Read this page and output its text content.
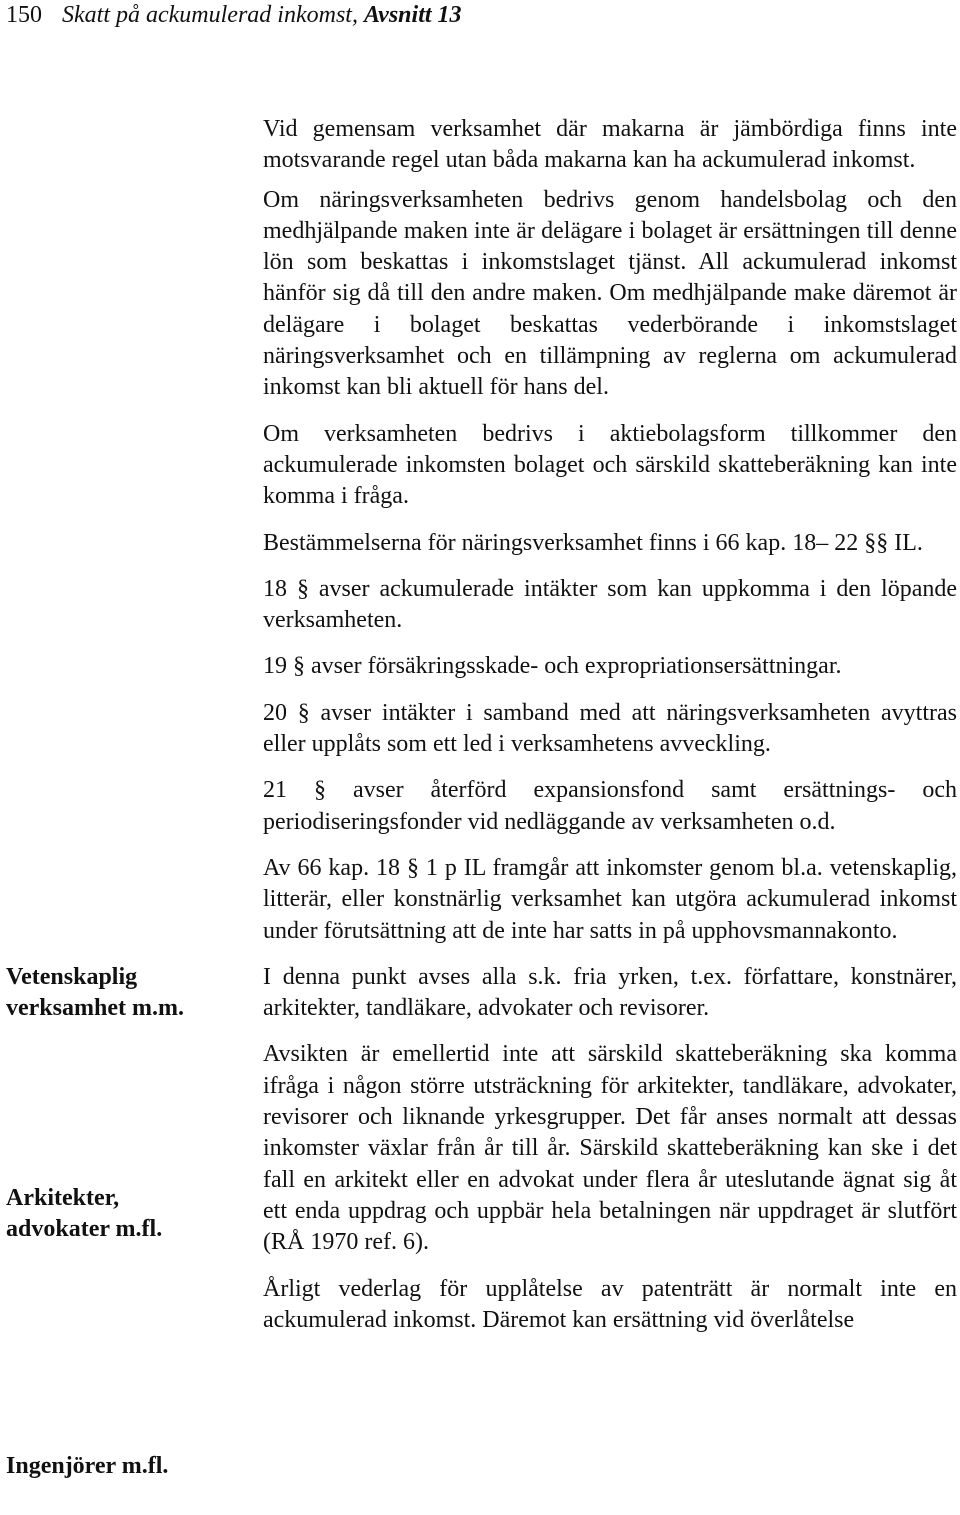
150 Skatt på ackumulerad inkomst, Avsnitt 13
Vetenskaplig verksamhet m.m.
Arkitekter, advokater m.fl.
Ingenjörer m.fl.

Vid gemensam verksamhet där makarna är jämbördiga finns inte motsvarande regel utan båda makarna kan ha ackumulerad inkomst.

Om näringsverksamheten bedrivs genom handelsbolag och den medhjälpande maken inte är delägare i bolaget är ersättningen till denne lön som beskattas i inkomstslaget tjänst. All ackumulerad inkomst hänför sig då till den andre maken. Om medhjälpande make däremot är delägare i bolaget beskattas vederbörande i inkomstslaget näringsverksamhet och en tillämpning av reglerna om ackumulerad inkomst kan bli aktuell för hans del.

Om verksamheten bedrivs i aktiebolagsform tillkommer den ackumulerade inkomsten bolaget och särskild skatteberäkning kan inte komma i fråga.

Bestämmelserna för näringsverksamhet finns i 66 kap. 18– 22 §§ IL.

18 § avser ackumulerade intäkter som kan uppkomma i den löpande verksamheten.

19 § avser försäkringsskade- och expropriationsersättningar.

20 § avser intäkter i samband med att näringsverksamheten avyttras eller upplåts som ett led i verksamhetens avveckling.

21 § avser återförd expansionsfond samt ersättnings- och periodiseringsfonder vid nedläggande av verksamheten o.d.

Av 66 kap. 18 § 1 p IL framgår att inkomster genom bl.a. vetenskaplig, litterär, eller konstnärlig verksamhet kan utgöra ackumulerad inkomst under förutsättning att de inte har satts in på upphovsmannakonto.

I denna punkt avses alla s.k. fria yrken, t.ex. författare, konstnärer, arkitekter, tandläkare, advokater och revisorer.

Avsikten är emellertid inte att särskild skatteberäkning ska komma ifråga i någon större utsträckning för arkitekter, tandläkare, advokater, revisorer och liknande yrkesgrupper. Det får anses normalt att dessas inkomster växlar från år till år. Särskild skatteberäkning kan ske i det fall en arkitekt eller en advokat under flera år uteslutande ägnat sig åt ett enda uppdrag och uppbär hela betalningen när uppdraget är slutfört (RÅ 1970 ref. 6).

Årligt vederlag för upplåtelse av patenträtt är normalt inte en ackumulerad inkomst. Däremot kan ersättning vid överlåtelse
